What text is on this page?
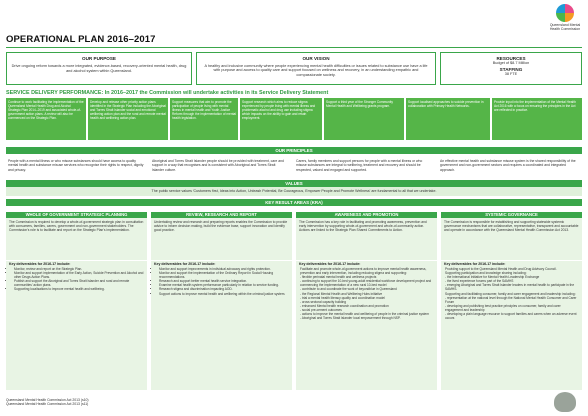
OPERATIONAL PLAN 2016–2017
Queensland Mental Health Commission
OUR PURPOSE
Drive ongoing reform towards a more integrated, evidence-based, recovery-oriented mental health, drug and alcohol system within Queensland.
OUR VISION
A healthy and inclusive community where people experiencing mental health difficulties or issues related to substance use have a life with purpose and access to quality care and support focused on wellness and recovery, in an understanding empathic and compassionate society.
RESOURCES
Budget of $8.7 Million
STAFFING
38 FTE
SERVICE DELIVERY PERFORMANCE: In 2016–2017 the Commission will undertake activities in its Service Delivery Statement
Continue to work facilitating the implementation of the Queensland Mental Health Drug and Alcohol Strategic Plan 2014–2019 and associated whole-of-government action plans. A review will also be commenced on the Strategic Plan.
Develop and release other priority action plans identified in the Strategic Plan including the Aboriginal and Torres Strait Islander social and emotional wellbeing action plan and the rural and remote mental health and wellbeing action plan.
Support measures that aim to promote the participation of people living with mental illness in mental health and Youth Justice Reform through the implementation of mental health legislation.
Support research which aims to reduce stigma experienced by people living with mental illness and problematic alcohol and drug use including stigma which impacts on the ability to gain and retain employment.
Support a third year of the Stronger Community Mental Health and Wellbeing grants program.
Support localised approaches to suicide prevention in collaboration with Primary Health Networks.
Provide input into the implementation of the Mental Health Act 2016 with a focus on ensuring the principles in the Act are reflected in practice.
OUR PRINCIPLES
People with a mental illness or who misuse substances should have access to quality mental health and substance misuse services who recognise their rights to respect, dignity and privacy.
Aboriginal and Torres Strait Islander people should be provided with treatment, care and support in a way that recognises and is consistent with Aboriginal and Torres Strait Islander culture.
Carers, family members and support persons for people with a mental illness or who misuse substances are integral to wellbeing, treatment and recovery and should be respected, valued and engaged and supported.
An effective mental health and substance misuse system is the shared responsibility of the government and non-government sectors and requires a coordinated and integrated approach.
VALUES
The public service values 'Customers first, Ideas into Action, Unleash Potential, Be Courageous, Empower People and Promote Wellness' are fundamental to all that we undertake.
KEY RESULT AREAS (KRA)
WHOLE OF GOVERNMENT STRATEGIC PLANNING
The Commission is required to develop a whole-of-government strategic plan in consultation with consumers, families, carers, government and non-government stakeholders. The Commission's role is to facilitate and report on the Strategic Plan's implementation.
Key deliverables for 2016-17 include:
• Monitor, review and report on the Strategic Plan.
• Monitor and support implementation of the Early Action, Suicide Prevention and Alcohol and other Drugs Action Plans.
• Publish and support the Aboriginal and Torres Strait Islander and rural and remote communities' action plans.
• Supporting localisations to improve mental health and wellbeing.
REVIEW, RESEARCH AND REPORT
Undertaking review and research and preparing reports enables the Commission to provide advice to inform decision making, build the evidence base, support innovation and identify good practice.
Key deliverables for 2016-17 include:
• Monitor and support improvements in individual advocacy and rights protection.
• Monitor and support the implementation of the Ordinary Report in Social Housing recommendations.
• Research and support better mental health service integration.
• Examine mental health system performance particularly in relation to service funding.
• Research stigma and discrimination impacting AOD.
• Support actions to improve mental health and wellbeing within the criminal justice system.
AWARENESS AND PROMOTION
The Commission has a key role in facilitating and promoting awareness, prevention and early intervention by supporting whole-of-government and whole-of-community action. Actions are linked to the Strategic Plan Shared Commitments to Action.
Key deliverables for 2016-17 include:
Facilitate and promote whole-of-government actions to improve mental health awareness, prevention and early intervention, including reducing stigma and supporting:
- flexible perinatal mental health and wellness projects
- continuing to support the 10-bed young-adult residential workforce development project and commencing the implementation of a new rural 10-bed model
- contribute to and coordinate the work of beyondblue in Queensland
- the Regional Mental Health and Wellbeing Hubs initiative
- trial a mental health literacy quality and coordination model
- cross sectoral capacity building
- enhanced Mental health research coordination and promotion
- social pre-cement outcomes
- actions to improve the mental health and wellbeing of people in the criminal justice system
- Aboriginal and Torres Strait Islander local empowerment through NSP.
SYSTEMIC GOVERNANCE
The Commission is responsible for establishing and supporting statewide systemic governance mechanisms that are collaborative, representative, transparent and accountable and operate in accordance with the Queensland Mental Health Commission Act 2013.
Key deliverables for 2016-17 include:
Providing support to the Queensland Mental Health and Drug Advisory Council.
Supporting participation and knowledge sharing including:
- the International Initiative for Mental Health Leadership Exchange
- the lived experience forums part of the SAMHS
- emerging Aboriginal and Torres Strait Islander leaders in mental health to participate in the SAMHS.
Supporting and facilitating consumer, family and carer engagement and leadership including:
- representation at the national level through the National Mental Health Consumer and Carer Forum
- developing and publishing best practice principles on consumer, family and carer engagement and leadership
- developing a plain language resource to support families and carers when an adverse event occurs
Queensland Mental Health Commission Act 2013 (s10)
Queensland Mental Health Commission Act 2013 (s11)
